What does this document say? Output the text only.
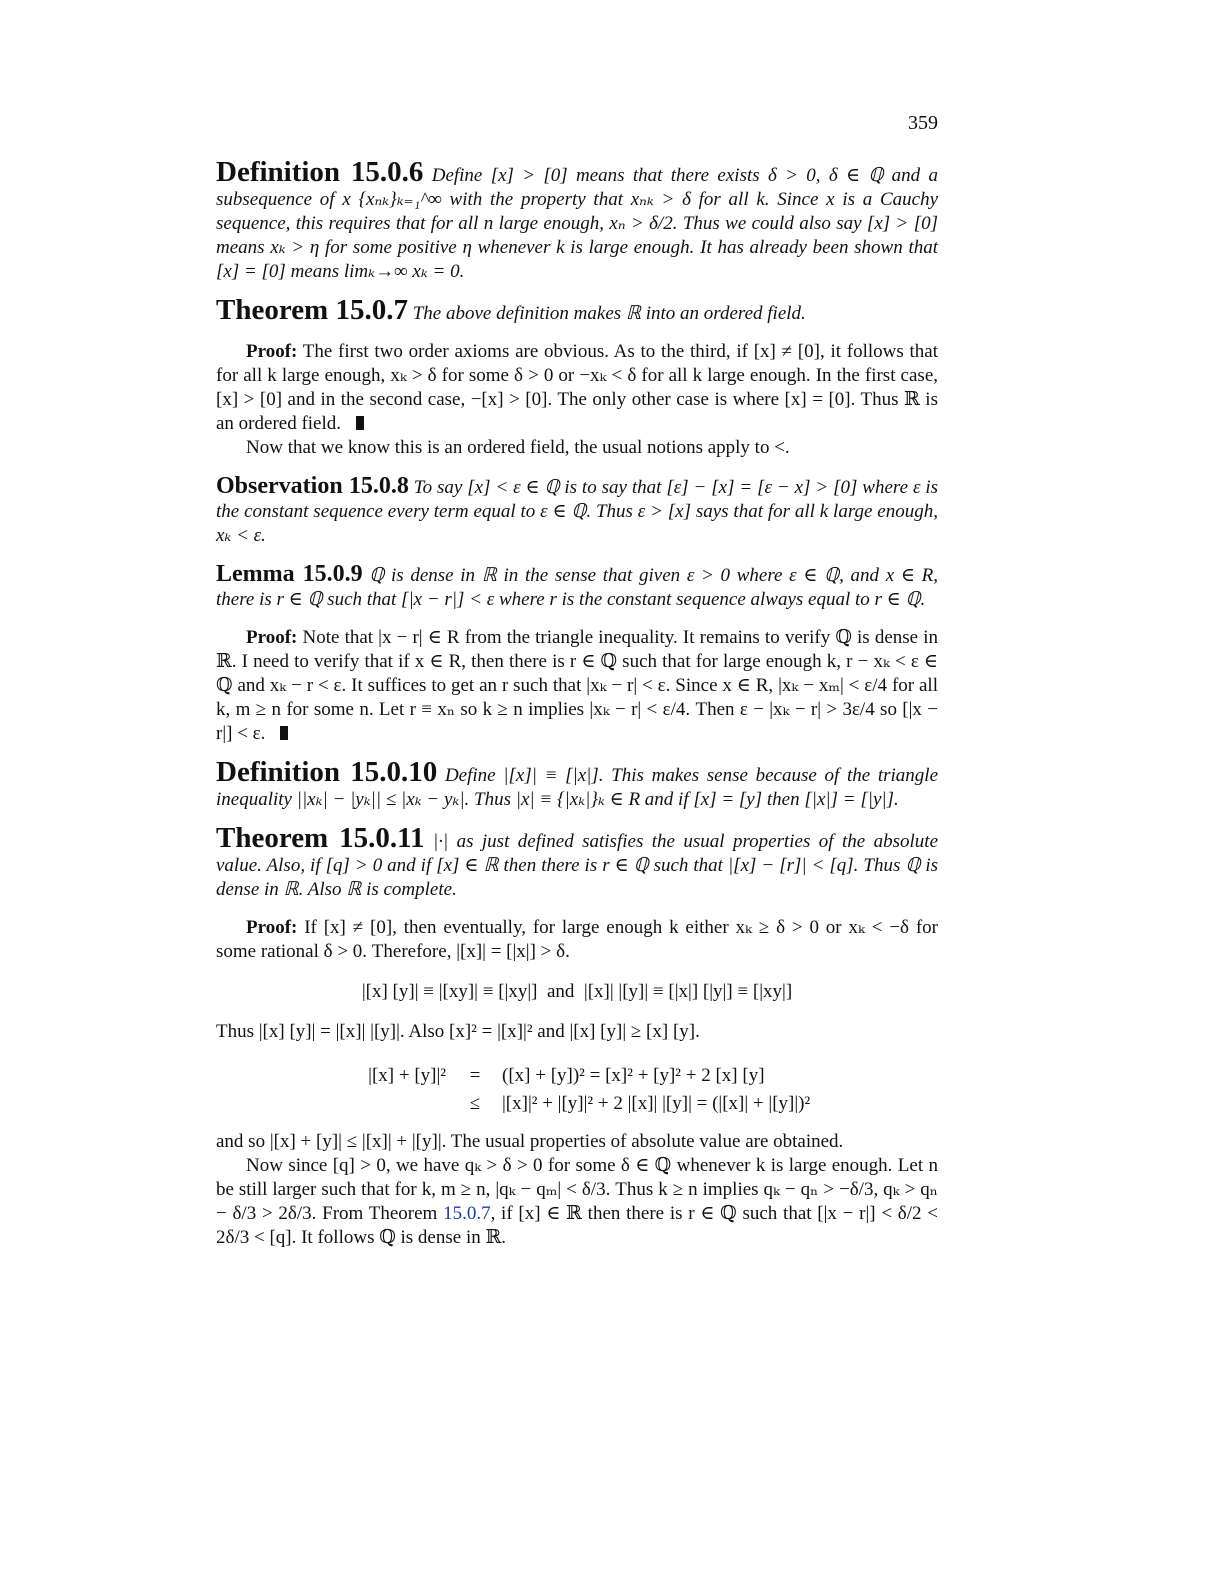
359

Definition 15.0.6 Define [x] > [0] means that there exists δ > 0, δ ∈ ℚ and a subsequence of x {xₙₖ}ₖ₌₁^∞ with the property that xₙₖ > δ for all k. Since x is a Cauchy sequence, this requires that for all n large enough, xₙ > δ/2. Thus we could also say [x] > [0] means xₖ > η for some positive η whenever k is large enough. It has already been shown that [x] = [0] means limₖ→∞ xₖ = 0.

Theorem 15.0.7 The above definition makes ℝ into an ordered field.

Proof: The first two order axioms are obvious. As to the third, if [x] ≠ [0], it follows that for all k large enough, xₖ > δ for some δ > 0 or −xₖ < δ for all k large enough. In the first case, [x] > [0] and in the second case, −[x] > [0]. The only other case is where [x] = [0]. Thus ℝ is an ordered field.

Now that we know this is an ordered field, the usual notions apply to <.

Observation 15.0.8 To say [x] < ε ∈ ℚ is to say that [ε] − [x] = [ε − x] > [0] where ε is the constant sequence every term equal to ε ∈ ℚ. Thus ε > [x] says that for all k large enough, xₖ < ε.

Lemma 15.0.9 ℚ is dense in ℝ in the sense that given ε > 0 where ε ∈ ℚ, and x ∈ R, there is r ∈ ℚ such that [|x − r|] < ε where r is the constant sequence always equal to r ∈ ℚ.

Proof: Note that |x − r| ∈ R from the triangle inequality. It remains to verify ℚ is dense in ℝ. I need to verify that if x ∈ R, then there is r ∈ ℚ such that for large enough k, r − xₖ < ε ∈ ℚ and xₖ − r < ε. It suffices to get an r such that |xₖ − r| < ε. Since x ∈ R, |xₖ − xₘ| < ε/4 for all k, m ≥ n for some n. Let r ≡ xₙ so k ≥ n implies |xₖ − r| < ε/4. Then ε − |xₖ − r| > 3ε/4 so [|x − r|] < ε.

Definition 15.0.10 Define |[x]| ≡ [|x|]. This makes sense because of the triangle inequality ||xₖ| − |yₖ|| ≤ |xₖ − yₖ|. Thus |x| ≡ {|xₖ|}ₖ ∈ R and if [x] = [y] then [|x|] = [|y|].

Theorem 15.0.11 |·| as just defined satisfies the usual properties of the absolute value. Also, if [q] > 0 and if [x] ∈ ℝ then there is r ∈ ℚ such that |[x] − [r]| < [q]. Thus ℚ is dense in ℝ. Also ℝ is complete.

Proof: If [x] ≠ [0], then eventually, for large enough k either xₖ ≥ δ > 0 or xₖ < −δ for some rational δ > 0. Therefore, |[x]| = [|x|] > δ.

|[x] [y]| ≡ |[xy]| ≡ [|xy|] and |[x]| |[y]| ≡ [|x|] [|y|] ≡ [|xy|]

Thus |[x] [y]| = |[x]| |[y]|. Also [x]² = |[x]|² and |[x] [y]| ≥ [x] [y].

|[x] + [y]|²	=	([x] + [y])² = [x]² + [y]² + 2 [x] [y]
	≤	|[x]|² + |[y]|² + 2 |[x]| |[y]| = (|[x]| + |[y]|)²

and so |[x] + [y]| ≤ |[x]| + |[y]|. The usual properties of absolute value are obtained.

Now since [q] > 0, we have qₖ > δ > 0 for some δ ∈ ℚ whenever k is large enough. Let n be still larger such that for k, m ≥ n, |qₖ − qₘ| < δ/3. Thus k ≥ n implies qₖ − qₙ > −δ/3, qₖ > qₙ − δ/3 > 2δ/3. From Theorem 15.0.7, if [x] ∈ ℝ then there is r ∈ ℚ such that [|x − r|] < δ/2 < 2δ/3 < [q]. It follows ℚ is dense in ℝ.
